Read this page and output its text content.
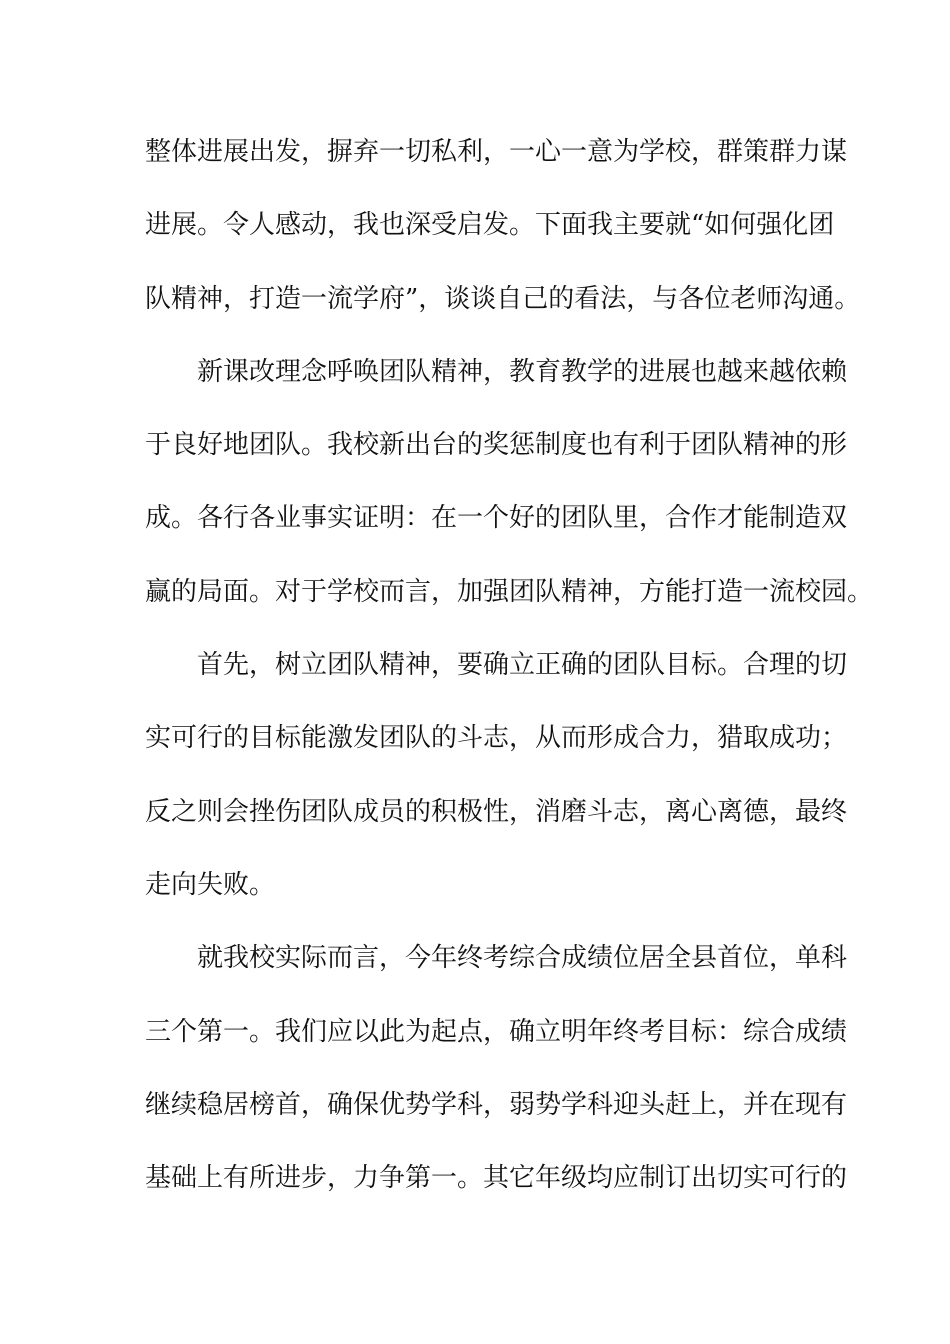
整体进展出发，摒弃一切私利，一心一意为学校，群策群力谋
进展。令人感动，我也深受启发。下面我主要就“如何强化团
队精神，打造一流学府”，谈谈自己的看法，与各位老师沟通。
新课改理念呼唤团队精神，教育教学的进展也越来越依赖
于良好地团队。我校新出台的奖惩制度也有利于团队精神的形
成。各行各业事实证明：在一个好的团队里，合作才能制造双
赢的局面。对于学校而言，加强团队精神，方能打造一流校园。
首先，树立团队精神，要确立正确的团队目标。合理的切
实可行的目标能激发团队的斗志，从而形成合力，猎取成功；
反之则会挫伤团队成员的积极性，消磨斗志，离心离德，最终
走向失败。
就我校实际而言，今年终考综合成绩位居全县首位，单科
三个第一。我们应以此为起点，确立明年终考目标：综合成绩
继续稳居榜首，确保优势学科，弱势学科迎头赶上，并在现有
基础上有所进步，力争第一。其它年级均应制订出切实可行的
